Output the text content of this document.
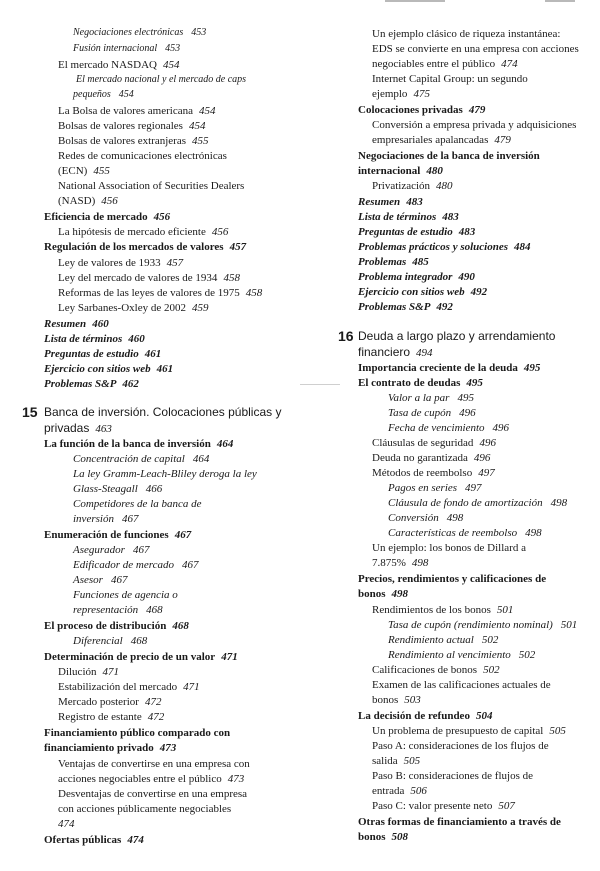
Negociaciones electrónicas 453
Fusión internacional 453
El mercado NASDAQ 454
El mercado nacional y el mercado de caps
pequeños 454
La Bolsa de valores americana 454
Bolsas de valores regionales 454
Bolsas de valores extranjeras 455
Redes de comunicaciones electrónicas
(ECN) 455
National Association of Securities Dealers
(NASD) 456
Eficiencia de mercado 456
La hipótesis de mercado eficiente 456
Regulación de los mercados de valores 457
Ley de valores de 1933 457
Ley del mercado de valores de 1934 458
Reformas de las leyes de valores de 1975 458
Ley Sarbanes-Oxley de 2002 459
Resumen 460
Lista de términos 460
Preguntas de estudio 461
Ejercicio con sitios web 461
Problemas S&P 462
15 Banca de inversión. Colocaciones públicas y
privadas 463
La función de la banca de inversión 464
Concentración de capital 464
La ley Gramm-Leach-Bliley deroga la ley
Glass-Steagall 466
Competidores de la banca de
inversión 467
Enumeración de funciones 467
Asegurador 467
Edificador de mercado 467
Asesor 467
Funciones de agencia o
representación 468
El proceso de distribución 468
Diferencial 468
Determinación de precio de un valor 471
Dilución 471
Estabilización del mercado 471
Mercado posterior 472
Registro de estante 472
Financiamiento público comparado con
financiamiento privado 473
Ventajas de convertirse en una empresa con
acciones negociables entre el público 473
Desventajas de convertirse en una empresa
con acciones públicamente negociables
474
Ofertas públicas 474
Un ejemplo clásico de riqueza instantánea:
EDS se convierte en una empresa con acciones
negociables entre el público 474
Internet Capital Group: un segundo
ejemplo 475
Colocaciones privadas 479
Conversión a empresa privada y adquisiciones
empresariales apalancadas 479
Negociaciones de la banca de inversión
internacional 480
Privatización 480
Resumen 483
Lista de términos 483
Preguntas de estudio 483
Problemas prácticos y soluciones 484
Problemas 485
Problema integrador 490
Ejercicio con sitios web 492
Problemas S&P 492
16 Deuda a largo plazo y arrendamiento
financiero 494
Importancia creciente de la deuda 495
El contrato de deudas 495
Valor a la par 495
Tasa de cupón 496
Fecha de vencimiento 496
Cláusulas de seguridad 496
Deuda no garantizada 496
Métodos de reembolso 497
Pagos en series 497
Cláusula de fondo de amortización 498
Conversión 498
Características de reembolso 498
Un ejemplo: los bonos de Dillard a
7.875% 498
Precios, rendimientos y calificaciones de
bonos 498
Rendimientos de los bonos 501
Tasa de cupón (rendimiento nominal) 501
Rendimiento actual 502
Rendimiento al vencimiento 502
Calificaciones de bonos 502
Examen de las calificaciones actuales de
bonos 503
La decisión de refundeo 504
Un problema de presupuesto de capital 505
Paso A: consideraciones de los flujos de
salida 505
Paso B: consideraciones de flujos de
entrada 506
Paso C: valor presente neto 507
Otras formas de financiamiento a través de
bonos 508
